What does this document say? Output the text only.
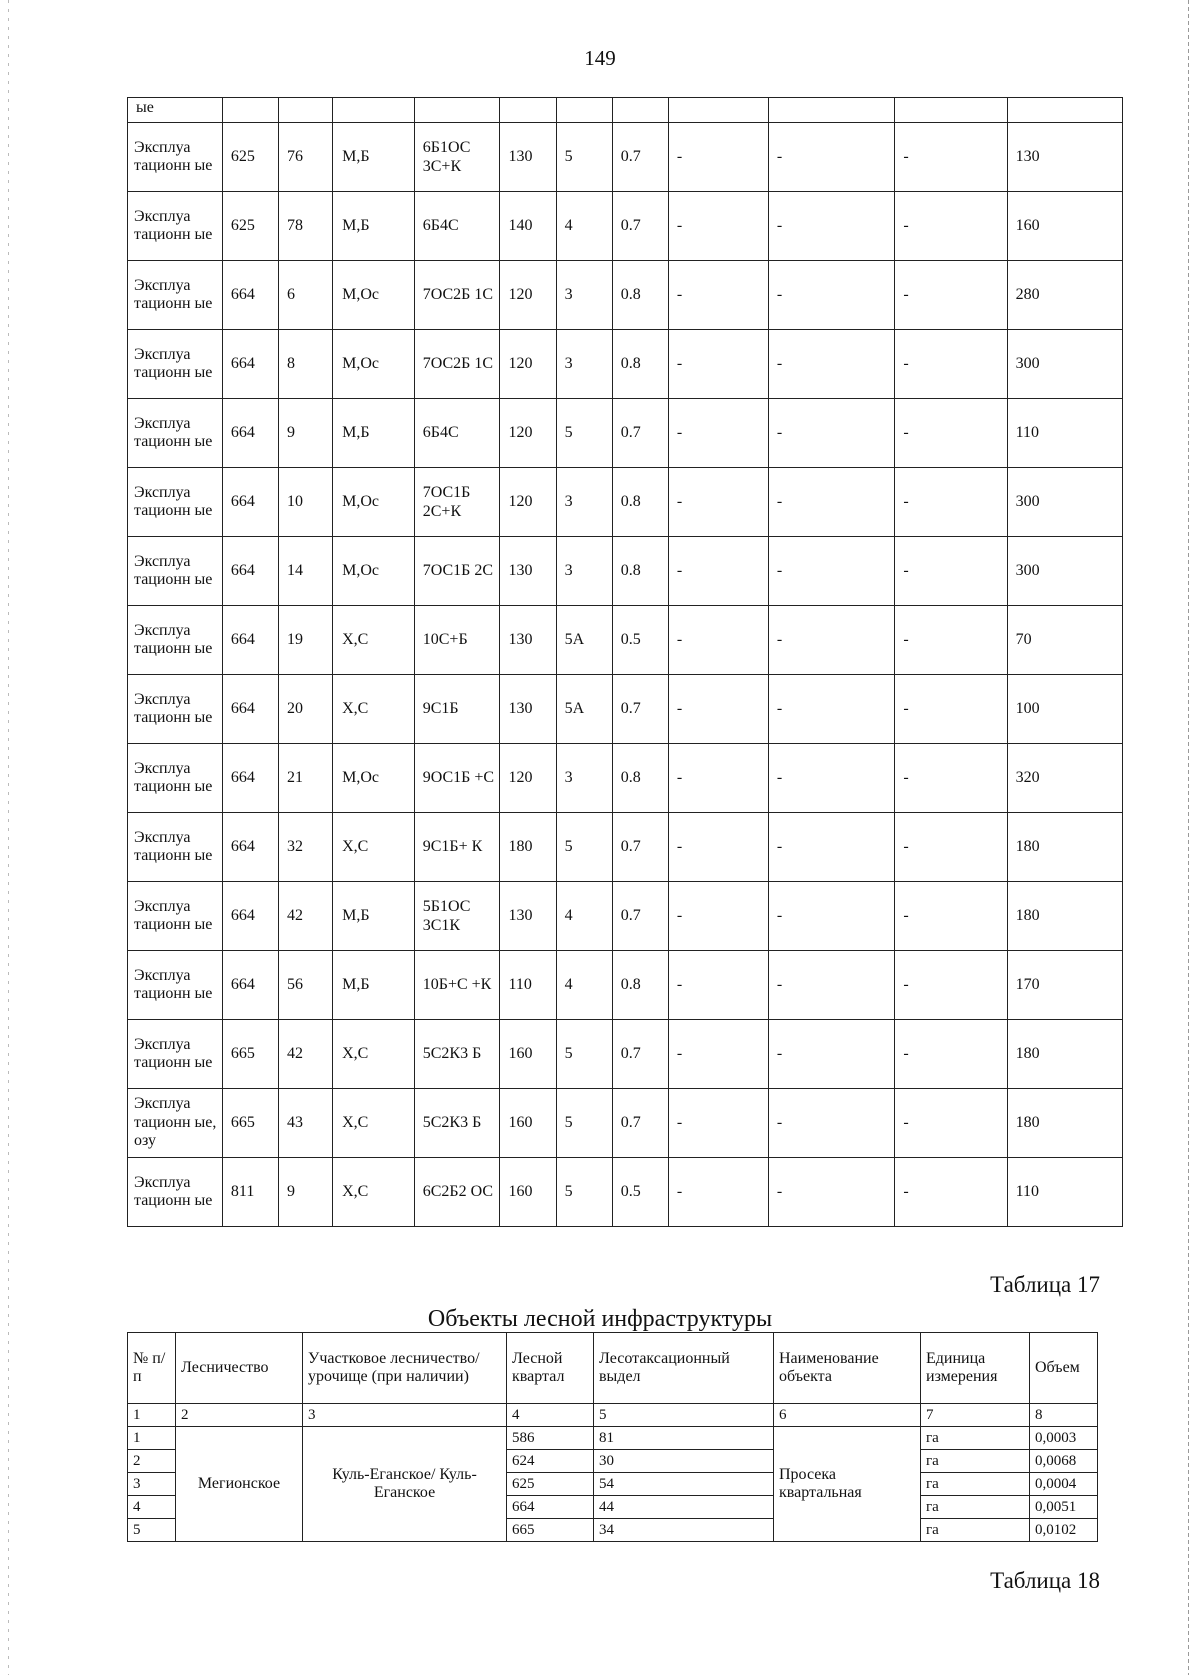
149
ые											
Эксплуа тационн ые	625	76	М,Б	6Б1ОС 3С+К	130	5	0.7	-	-	-	130
Эксплуа тационн ые	625	78	М,Б	6Б4С	140	4	0.7	-	-	-	160
Эксплуа тационн ые	664	6	М,Ос	7ОС2Б 1С	120	3	0.8	-	-	-	280
Эксплуа тационн ые	664	8	М,Ос	7ОС2Б 1С	120	3	0.8	-	-	-	300
Эксплуа тационн ые	664	9	М,Б	6Б4С	120	5	0.7	-	-	-	110
Эксплуа тационн ые	664	10	М,Ос	7ОС1Б 2С+К	120	3	0.8	-	-	-	300
Эксплуа тационн ые	664	14	М,Ос	7ОС1Б 2С	130	3	0.8	-	-	-	300
Эксплуа тационн ые	664	19	Х,С	10С+Б	130	5А	0.5	-	-	-	70
Эксплуа тационн ые	664	20	Х,С	9С1Б	130	5А	0.7	-	-	-	100
Эксплуа тационн ые	664	21	М,Ос	9ОС1Б +С	120	3	0.8	-	-	-	320
Эксплуа тационн ые	664	32	Х,С	9С1Б+ К	180	5	0.7	-	-	-	180
Эксплуа тационн ые	664	42	М,Б	5Б1ОС 3С1К	130	4	0.7	-	-	-	180
Эксплуа тационн ые	664	56	М,Б	10Б+С +К	110	4	0.8	-	-	-	170
Эксплуа тационн ые	665	42	Х,С	5С2К3 Б	160	5	0.7	-	-	-	180
Эксплуа тационн ые, озу	665	43	Х,С	5С2К3 Б	160	5	0.7	-	-	-	180
Эксплуа тационн ые	811	9	Х,С	6С2Б2 ОС	160	5	0.5	-	-	-	110
Таблица 17
Объекты лесной инфраструктуры
№ п/п	Лесничество	Участковое лесничество/урочище (при наличии)	Лесной квартал	Лесотаксационный выдел	Наименование объекта	Единица измерения	Объем
1	2	3	4	5	6	7	8
1	Мегионское	Куль-Еганское/ Куль-Еганское	586	81	Просека квартальная	га	0,0003
2			624	30		га	0,0068
3			625	54		га	0,0004
4			664	44		га	0,0051
5			665	34		га	0,0102
Таблица 18
